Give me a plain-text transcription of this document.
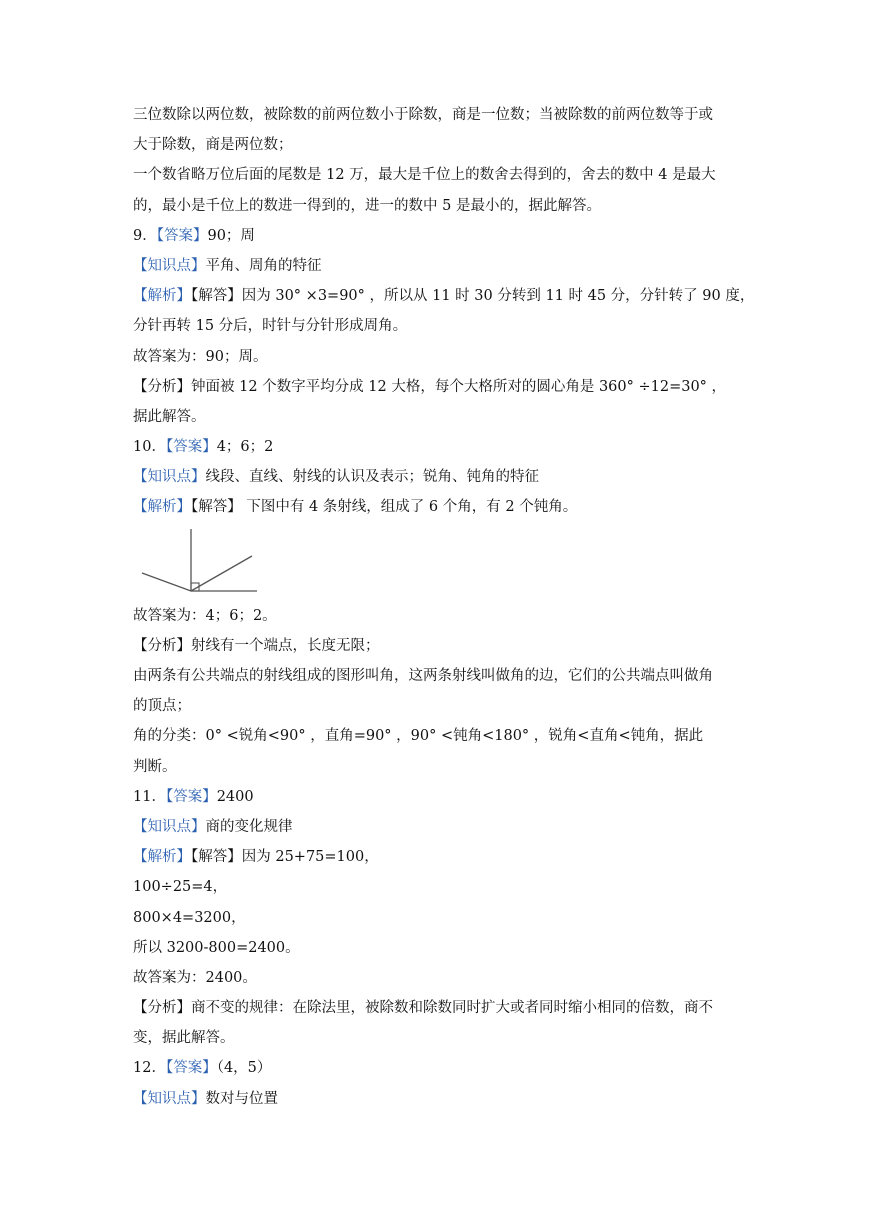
三位数除以两位数，被除数的前两位数小于除数，商是一位数；当被除数的前两位数等于或
大于除数，商是两位数；
一个数省略万位后面的尾数是 12 万，最大是千位上的数舍去得到的，舍去的数中 4 是最大
的，最小是千位上的数进一得到的，进一的数中 5 是最小的，据此解答。
9．【答案】90；周
【知识点】平角、周角的特征
【解析】【解答】因为 30° ×3=90° ，所以从 11 时 30 分转到 11 时 45 分，分针转了 90 度，
分针再转 15 分后，时针与分针形成周角。
故答案为：90；周。
【分析】钟面被 12 个数字平均分成 12 大格，每个大格所对的圆心角是 360° ÷12=30° ，
据此解答。
10．【答案】4；6；2
【知识点】线段、直线、射线的认识及表示；锐角、钝角的特征
【解析】【解答】 下图中有 4 条射线，组成了 6 个角，有 2 个钝角。
故答案为：4；6；2。
【分析】射线有一个端点，长度无限；
由两条有公共端点的射线组成的图形叫角，这两条射线叫做角的边，它们的公共端点叫做角
的顶点；
角的分类：0° <锐角<90° ，直角=90° ，90° <钝角<180° ，锐角<直角<钝角，据此
判断。
11．【答案】2400
【知识点】商的变化规律
【解析】【解答】因为 25+75=100，
100÷25=4，
800×4=3200，
所以 3200-800=2400。
故答案为：2400。
【分析】商不变的规律：在除法里，被除数和除数同时扩大或者同时缩小相同的倍数，商不
变，据此解答。
12．【答案】（4，5）
【知识点】数对与位置
